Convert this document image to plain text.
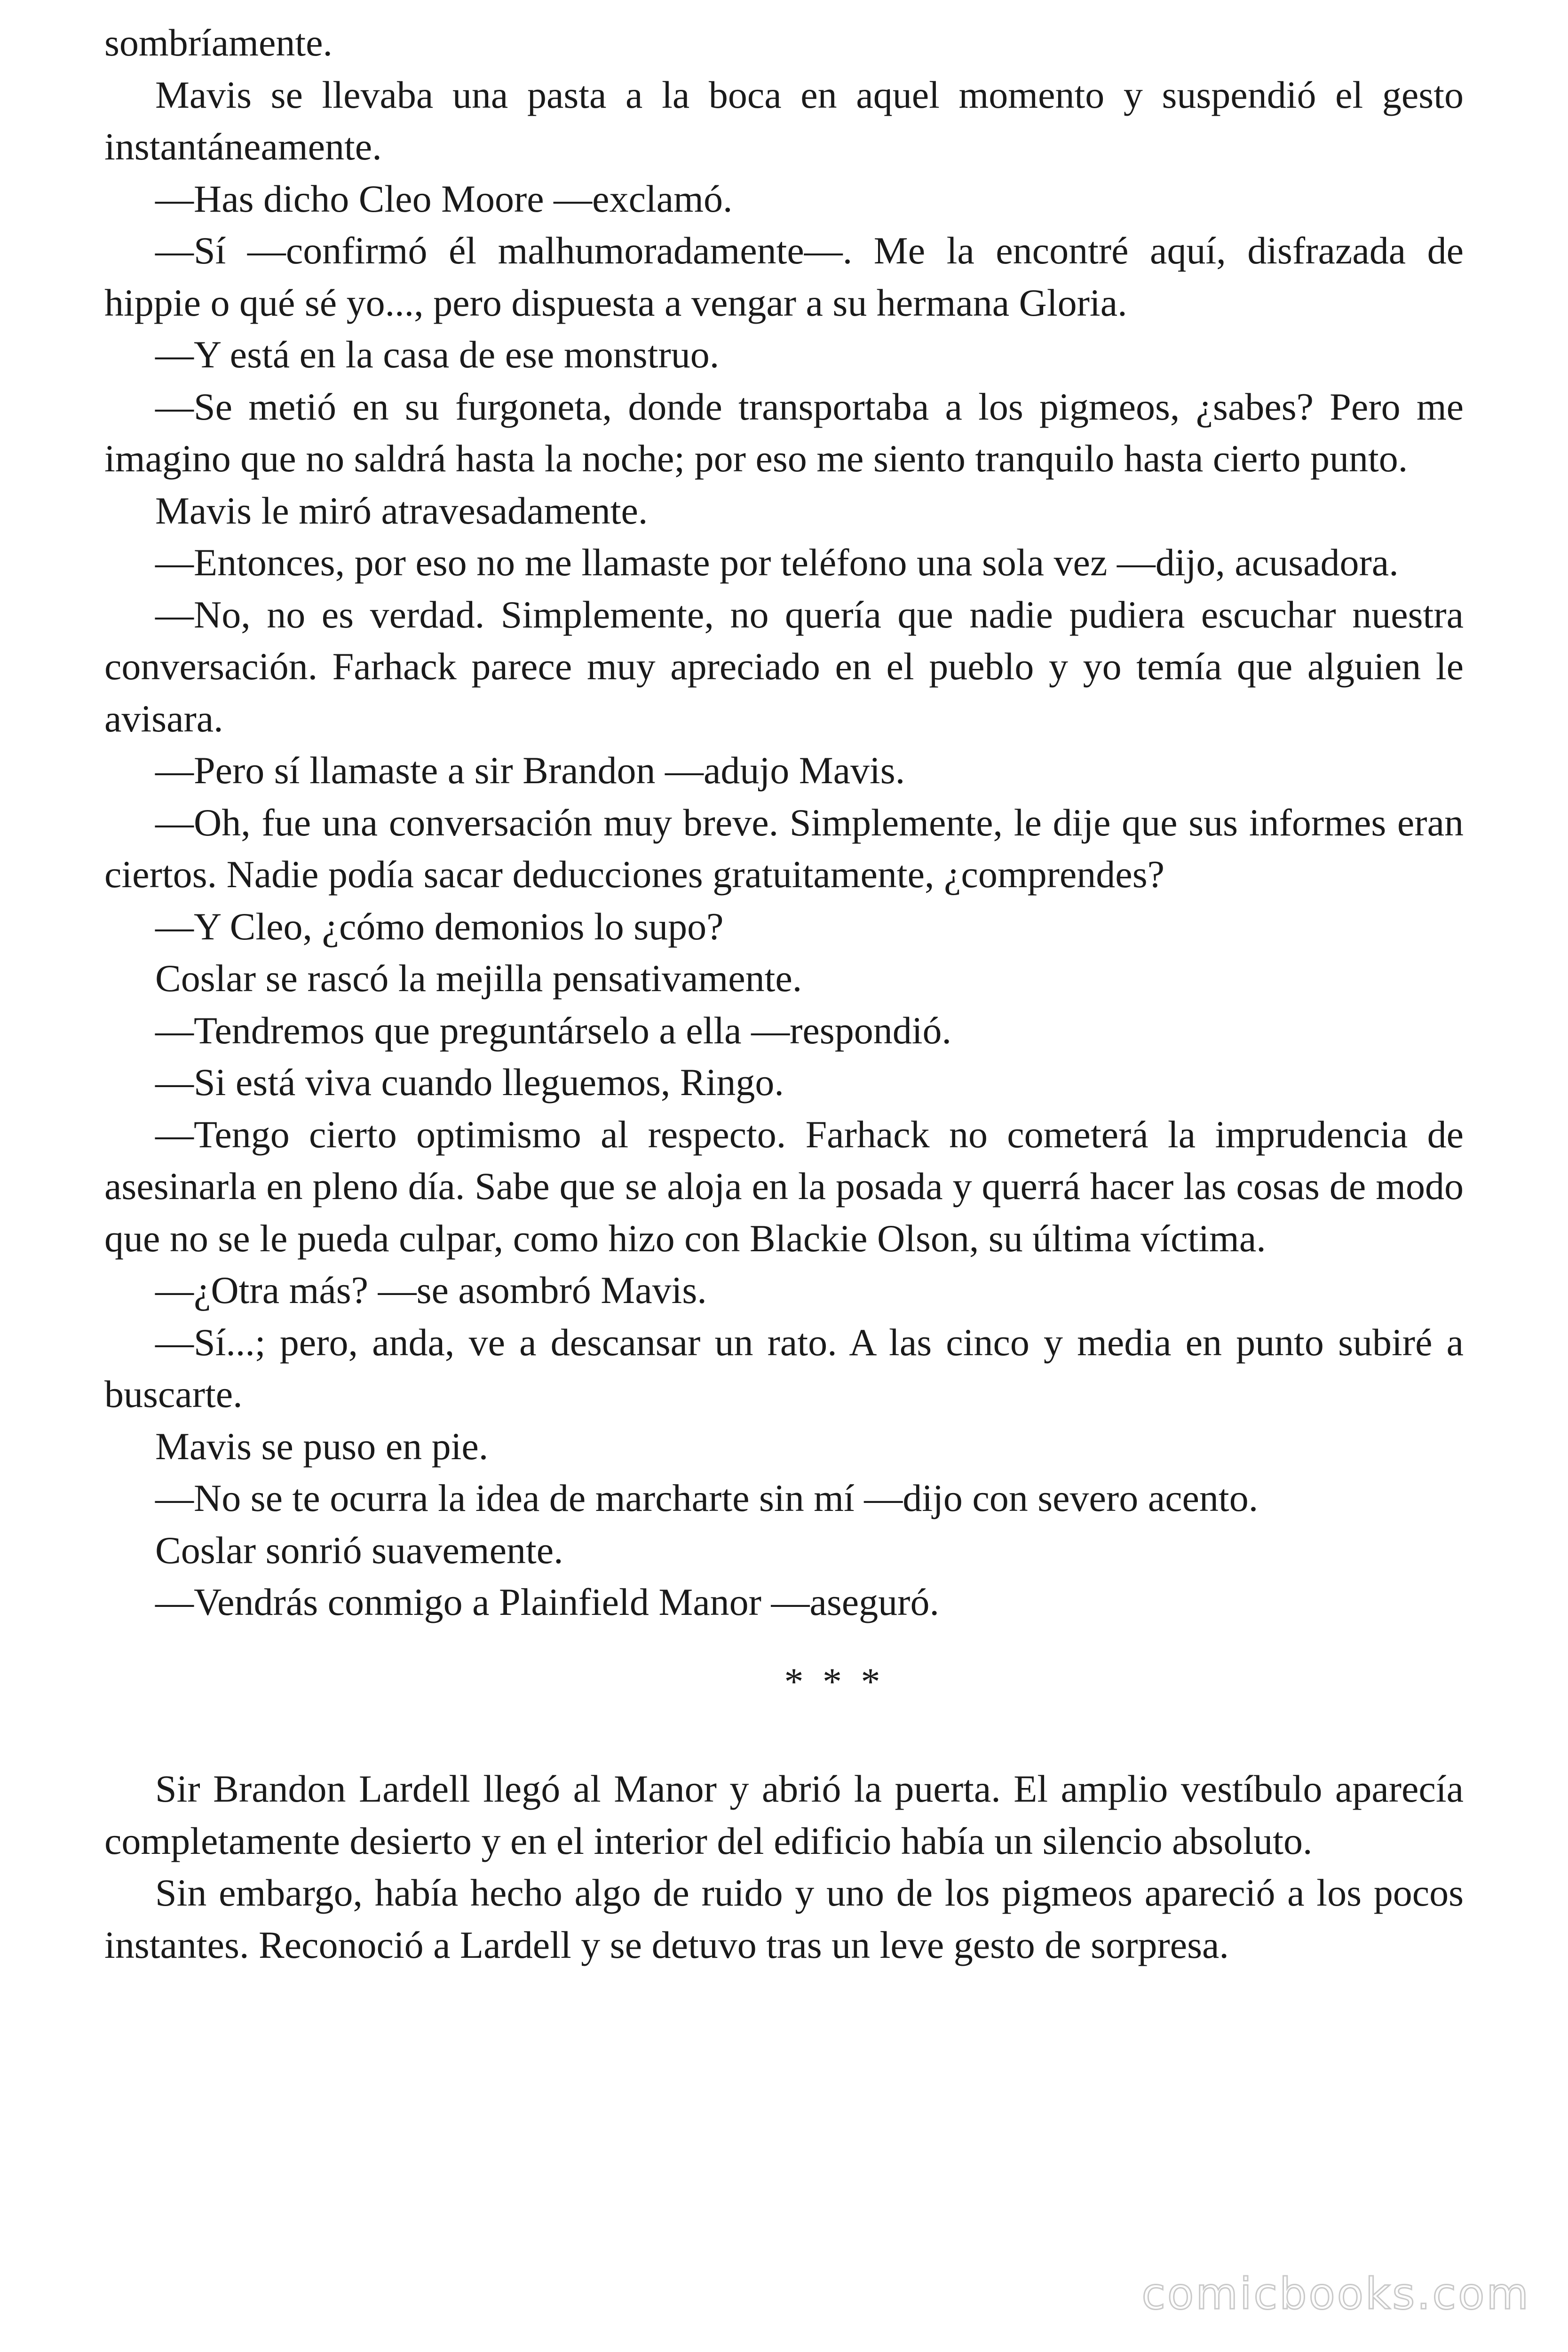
sombríamente.

Mavis se llevaba una pasta a la boca en aquel momento y suspendió el gesto instantáneamente.

—Has dicho Cleo Moore —exclamó.

—Sí —confirmó él malhumoradamente—. Me la encontré aquí, disfrazada de hippie o qué sé yo..., pero dispuesta a vengar a su hermana Gloria.

—Y está en la casa de ese monstruo.

—Se metió en su furgoneta, donde transportaba a los pigmeos, ¿sabes? Pero me imagino que no saldrá hasta la noche; por eso me siento tranquilo hasta cierto punto.

Mavis le miró atravesadamente.

—Entonces, por eso no me llamaste por teléfono una sola vez —dijo, acusadora.

—No, no es verdad. Simplemente, no quería que nadie pudiera escuchar nuestra conversación. Farhack parece muy apreciado en el pueblo y yo temía que alguien le avisara.

—Pero sí llamaste a sir Brandon —adujo Mavis.

—Oh, fue una conversación muy breve. Simplemente, le dije que sus informes eran ciertos. Nadie podía sacar deducciones gratuitamente, ¿comprendes?

—Y Cleo, ¿cómo demonios lo supo?

Coslar se rascó la mejilla pensativamente.

—Tendremos que preguntárselo a ella —respondió.

—Si está viva cuando lleguemos, Ringo.

—Tengo cierto optimismo al respecto. Farhack no cometerá la imprudencia de asesinarla en pleno día. Sabe que se aloja en la posada y querrá hacer las cosas de modo que no se le pueda culpar, como hizo con Blackie Olson, su última víctima.

—¿Otra más? —se asombró Mavis.

—Sí...; pero, anda, ve a descansar un rato. A las cinco y media en punto subiré a buscarte.

Mavis se puso en pie.

—No se te ocurra la idea de marcharte sin mí —dijo con severo acento.

Coslar sonrió suavemente.

—Vendrás conmigo a Plainfield Manor —aseguró.

* * *

Sir Brandon Lardell llegó al Manor y abrió la puerta. El amplio vestíbulo aparecía completamente desierto y en el interior del edificio había un silencio absoluto.

Sin embargo, había hecho algo de ruido y uno de los pigmeos apareció a los pocos instantes. Reconoció a Lardell y se detuvo tras un leve gesto de sorpresa.

comicbooks.com
